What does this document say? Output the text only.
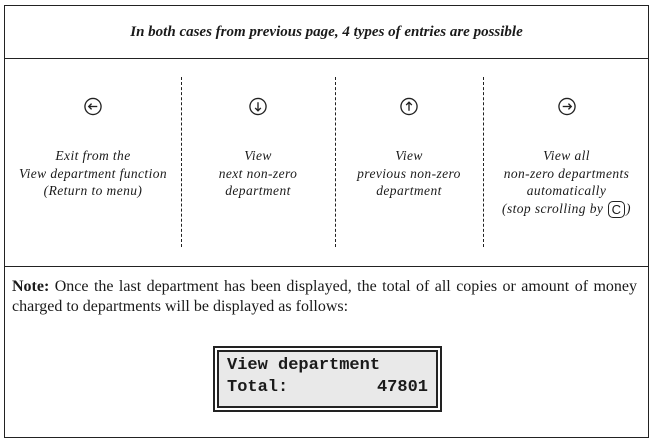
In both cases from previous page, 4 types of entries are possible
Exit from the
View department function
(Return to menu)
View
next non-zero
department
View
previous non-zero
department
View all
non-zero departments
automatically
(stop scrolling by C )
Note: Once the last department has been displayed, the total of all copies or amount of money charged to departments will be displayed as follows:
View department
Total:	47801
